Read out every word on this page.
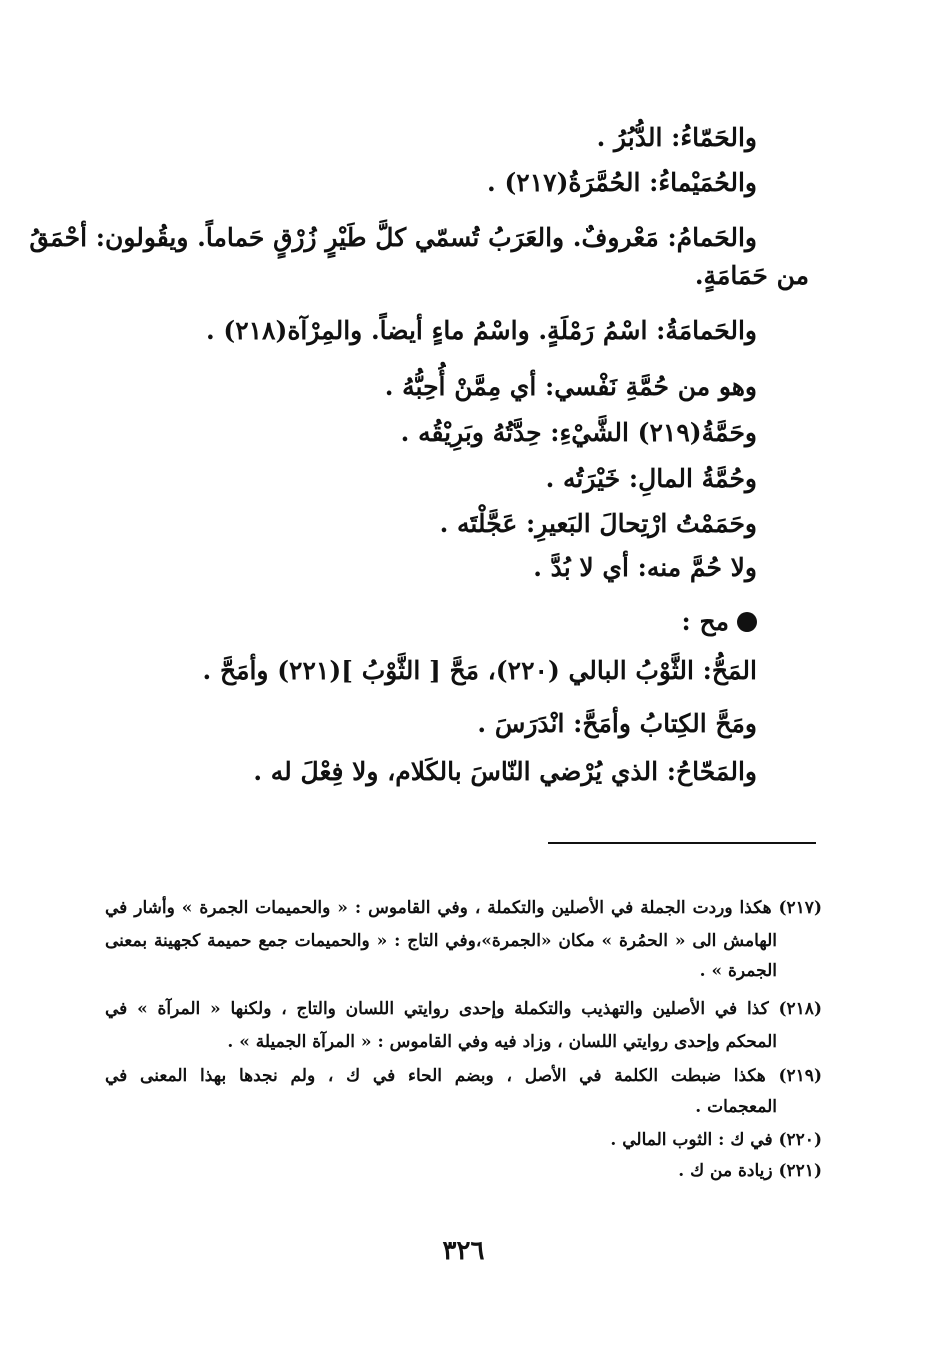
والحَمّاءُ: الدُّبُرُ .
والحُمَيْماءُ: الحُمَّرَةُ(٢١٧) .
والحَمامُ: مَعْروفٌ. والعَرَبُ تُسمّي كلَّ طَيْرٍ زُرْقٍ حَماماً. ويقُولون: أحْمَقُ
من حَمَامَةٍ.
والحَمامَةُ: اسْمُ رَمْلَةٍ. واسْمُ ماءٍ أيضاً. والمِرْآة(٢١٨) .
وهو من حُمَّةِ نَفْسي: أي مِمَّنْ أُحِبُّهُ .
وحَمَّةُ(٢١٩) الشَّيْءِ: حِدَّتُهُ وبَرِيْقُه .
وحُمَّةُ المالِ: خَيْرَتُه .
وحَمَمْتُ ارْتِحالَ البَعيرِ: عَجَّلْتَه .
ولا حُمَّ منه: أي لا بُدَّ .
مح :
المَحُّ: الثَّوْبُ البالي (٢٢٠)، مَحَّ [ الثَّوْبُ ](٢٢١) وأمَحَّ .
ومَحَّ الكِتابُ وأمَحَّ: انْدَرَسَ .
والمَحّاحُ: الذي يُرْضي النّاسَ بالكَلام، ولا فِعْلَ له .
(٢١٧) هكذا وردت الجملة في الأصلين والتكملة ، وفي القاموس : « والحميمات الجمرة » وأشار في
الهامش الى « الحمُرة » مكان «الجمرة»،وفي التاج : « والحميمات جمع حميمة كجهينة بمعنى
الجمرة » .
(٢١٨) كذا في الأصلين والتهذيب والتكملة وإحدى روايتي اللسان والتاج ، ولكنها « المرآة » في
المحكم وإحدى روايتي اللسان ، وزاد فيه وفي القاموس : « المرآة الجميلة » .
(٢١٩) هكذا ضبطت الكلمة في الأصل ، وبضم الحاء في ك ، ولم نجدها بهذا المعنى في
المعجمات .
(٢٢٠) في ك : الثوب المالي .
(٢٢١) زيادة من ك .
٣٢٦
